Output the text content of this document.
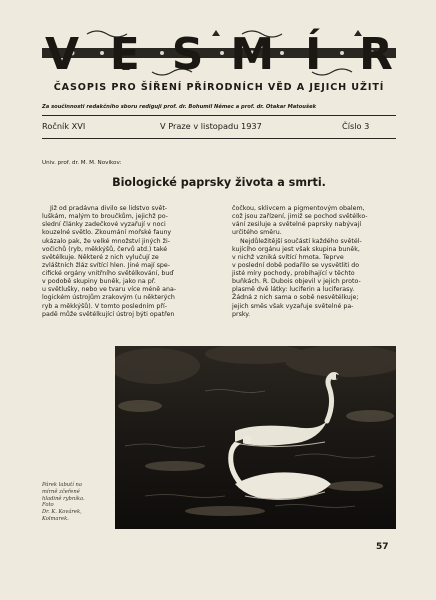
V E S M Í R
ČASOPIS PRO ŠÍŘENÍ PŘÍRODNÍCH VĚD A JEJICH UŽITÍ
Za součinnosti redakčního sboru rediguji prof. dr. Bohumil Němec a prof. dr. Otakar Matoušek
Ročník XVI	V Praze v listopadu 1937	Číslo 3
Univ. prof. dr. M. M. Novikov:
Biologické paprsky života a smrti.

Již od pradávna divilo se lidstvo svět-

luškám, malým to broučkům, jejichž po-

slední články zadečkové vyzařují v noci

kouzelné světlo. Zkoumání mořské fauny

ukázalo pak, že velké množství jiných ži-

vočichů (ryb, měkkýšů, červů atd.) také

světélkuje. Některé z nich vylučují ze

zvláštních žláz svítící hlen. Jiné mají spe-

cifické orgány vnitřního světélkování, buď

v podobě skupiny buněk, jako na př.

u světlušky, nebo ve tvaru více méně ana-

logickém ústrojům zrakovým (u některých

ryb a měkkýšů). V tomto posledním pří-

padě může světélkující ústroj býti opatřen

čočkou, sklivcem a pigmentovým obalem,

což jsou zařízení, jimiž se pochod světélko-

vání zesiluje a světelné paprsky nabývají

určitého směru.

Nejdůležitější součástí každého světél-

kujícího orgánu jest však skupina buněk,

v nichž vzniká svítící hmota. Teprve

v poslední době podařilo se vysvětliti do

jisté míry pochody, probíhající v těchto

buňkách. R. Dubois objevil v jejich proto-

plasmě dvě látky: luciferin a luciferasy.

Žádná z nich sama o sobě nesvětélkuje;

jejich směs však vyzařuje světelné pa-

prsky.

Párek labutí na
mírně zčeřené
hladině rybníka.
Foto
Dr. K. Kovárek,
Kolmarek.
57
